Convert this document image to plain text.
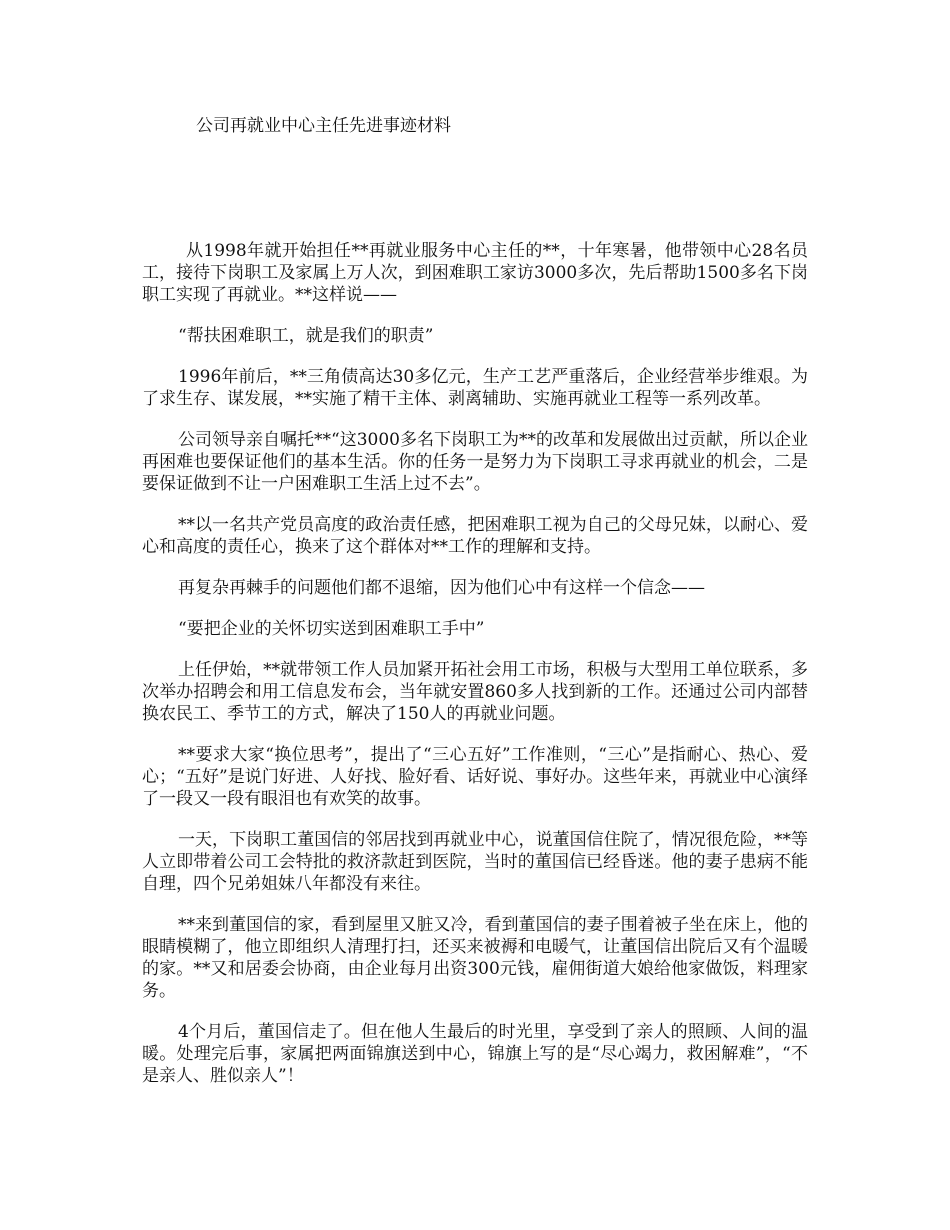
公司再就业中心主任先进事迹材料

从1998年就开始担任**再就业服务中心主任的**，十年寒暑，他带领中心28名员工，接待下岗职工及家属上万人次，到困难职工家访3000多次，先后帮助1500多名下岗职工实现了再就业。**这样说——

“帮扶困难职工，就是我们的职责”

1996年前后，**三角债高达30多亿元，生产工艺严重落后，企业经营举步维艰。为了求生存、谋发展，**实施了精干主体、剥离辅助、实施再就业工程等一系列改革。

公司领导亲自嘱托**“这3000多名下岗职工为**的改革和发展做出过贡献，所以企业再困难也要保证他们的基本生活。你的任务一是努力为下岗职工寻求再就业的机会，二是要保证做到不让一户困难职工生活上过不去”。

**以一名共产党员高度的政治责任感，把困难职工视为自己的父母兄妹，以耐心、爱心和高度的责任心，换来了这个群体对**工作的理解和支持。

再复杂再棘手的问题他们都不退缩，因为他们心中有这样一个信念——

“要把企业的关怀切实送到困难职工手中”

上任伊始，**就带领工作人员加紧开拓社会用工市场，积极与大型用工单位联系，多次举办招聘会和用工信息发布会，当年就安置860多人找到新的工作。还通过公司内部替换农民工、季节工的方式，解决了150人的再就业问题。

**要求大家“换位思考”，提出了“三心五好”工作准则，“三心”是指耐心、热心、爱心；“五好”是说门好进、人好找、脸好看、话好说、事好办。这些年来，再就业中心演绎了一段又一段有眼泪也有欢笑的故事。

一天，下岗职工董国信的邻居找到再就业中心，说董国信住院了，情况很危险，**等人立即带着公司工会特批的救济款赶到医院，当时的董国信已经昏迷。他的妻子患病不能自理，四个兄弟姐妹八年都没有来往。

**来到董国信的家，看到屋里又脏又冷，看到董国信的妻子围着被子坐在床上，他的眼睛模糊了，他立即组织人清理打扫，还买来被褥和电暖气，让董国信出院后又有个温暖的家。**又和居委会协商，由企业每月出资300元钱，雇佣街道大娘给他家做饭，料理家务。

4个月后，董国信走了。但在他人生最后的时光里，享受到了亲人的照顾、人间的温暖。处理完后事，家属把两面锦旗送到中心，锦旗上写的是“尽心竭力，救困解难”，“不是亲人、胜似亲人”！
